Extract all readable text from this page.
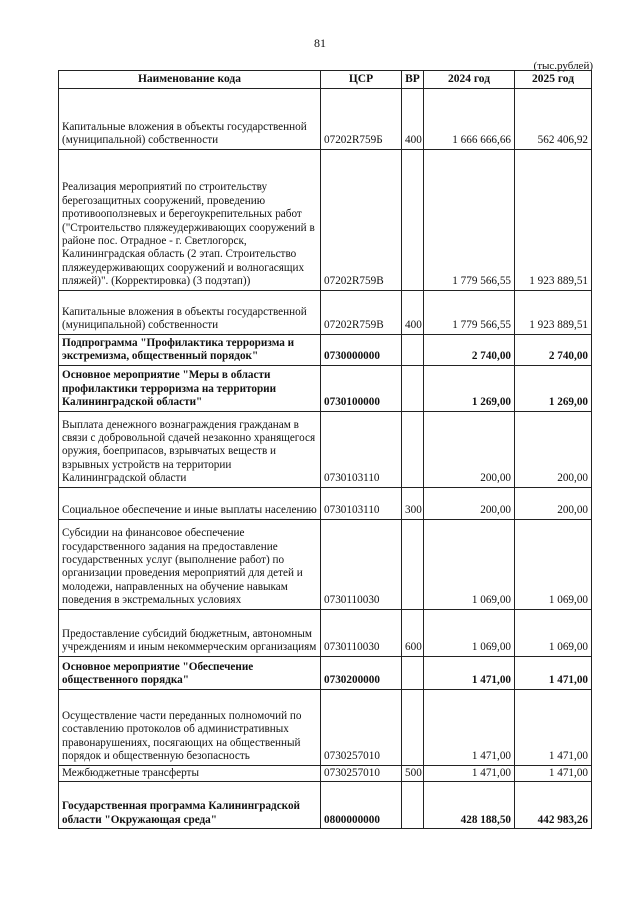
81
(тыс.рублей)
Наименование кода	ЦСР	ВР	2024 год	2025 год
Капитальные вложения в объекты государственной (муниципальной) собственности	07202R759Б	400	1 666 666,66	562 406,92
Реализация мероприятий по строительству берегозащитных сооружений, проведению противооползневых и берегоукрепительных работ ("Строительство пляжеудерживающих сооружений в районе пос. Отрадное - г. Светлогорск, Калининградская область (2 этап. Строительство пляжеудерживающих сооружений и волногасящих пляжей)". (Корректировка) (3 подэтап))	07202R759В		1 779 566,55	1 923 889,51
Капитальные вложения в объекты государственной (муниципальной) собственности	07202R759В	400	1 779 566,55	1 923 889,51
Подпрограмма "Профилактика терроризма и экстремизма, общественный порядок"	0730000000		2 740,00	2 740,00
Основное мероприятие "Меры в области профилактики терроризма на территории Калининградской области"	0730100000		1 269,00	1 269,00
Выплата денежного вознаграждения гражданам в связи с добровольной сдачей незаконно хранящегося оружия, боеприпасов, взрывчатых веществ и взрывных устройств на территории Калининградской области	0730103110		200,00	200,00
Социальное обеспечение и иные выплаты населению	0730103110	300	200,00	200,00
Субсидии на финансовое обеспечение государственного задания на предоставление государственных услуг (выполнение работ) по организации проведения мероприятий для детей и молодежи, направленных на обучение навыкам поведения в экстремальных условиях	0730110030		1 069,00	1 069,00
Предоставление субсидий бюджетным, автономным учреждениям и иным некоммерческим организациям	0730110030	600	1 069,00	1 069,00
Основное мероприятие "Обеспечение общественного порядка"	0730200000		1 471,00	1 471,00
Осуществление части переданных полномочий по составлению протоколов об административных правонарушениях, посягающих на общественный порядок и общественную безопасность	0730257010		1 471,00	1 471,00
Межбюджетные трансферты	0730257010	500	1 471,00	1 471,00
Государственная программа Калининградской области "Окружающая среда"	0800000000		428 188,50	442 983,26
